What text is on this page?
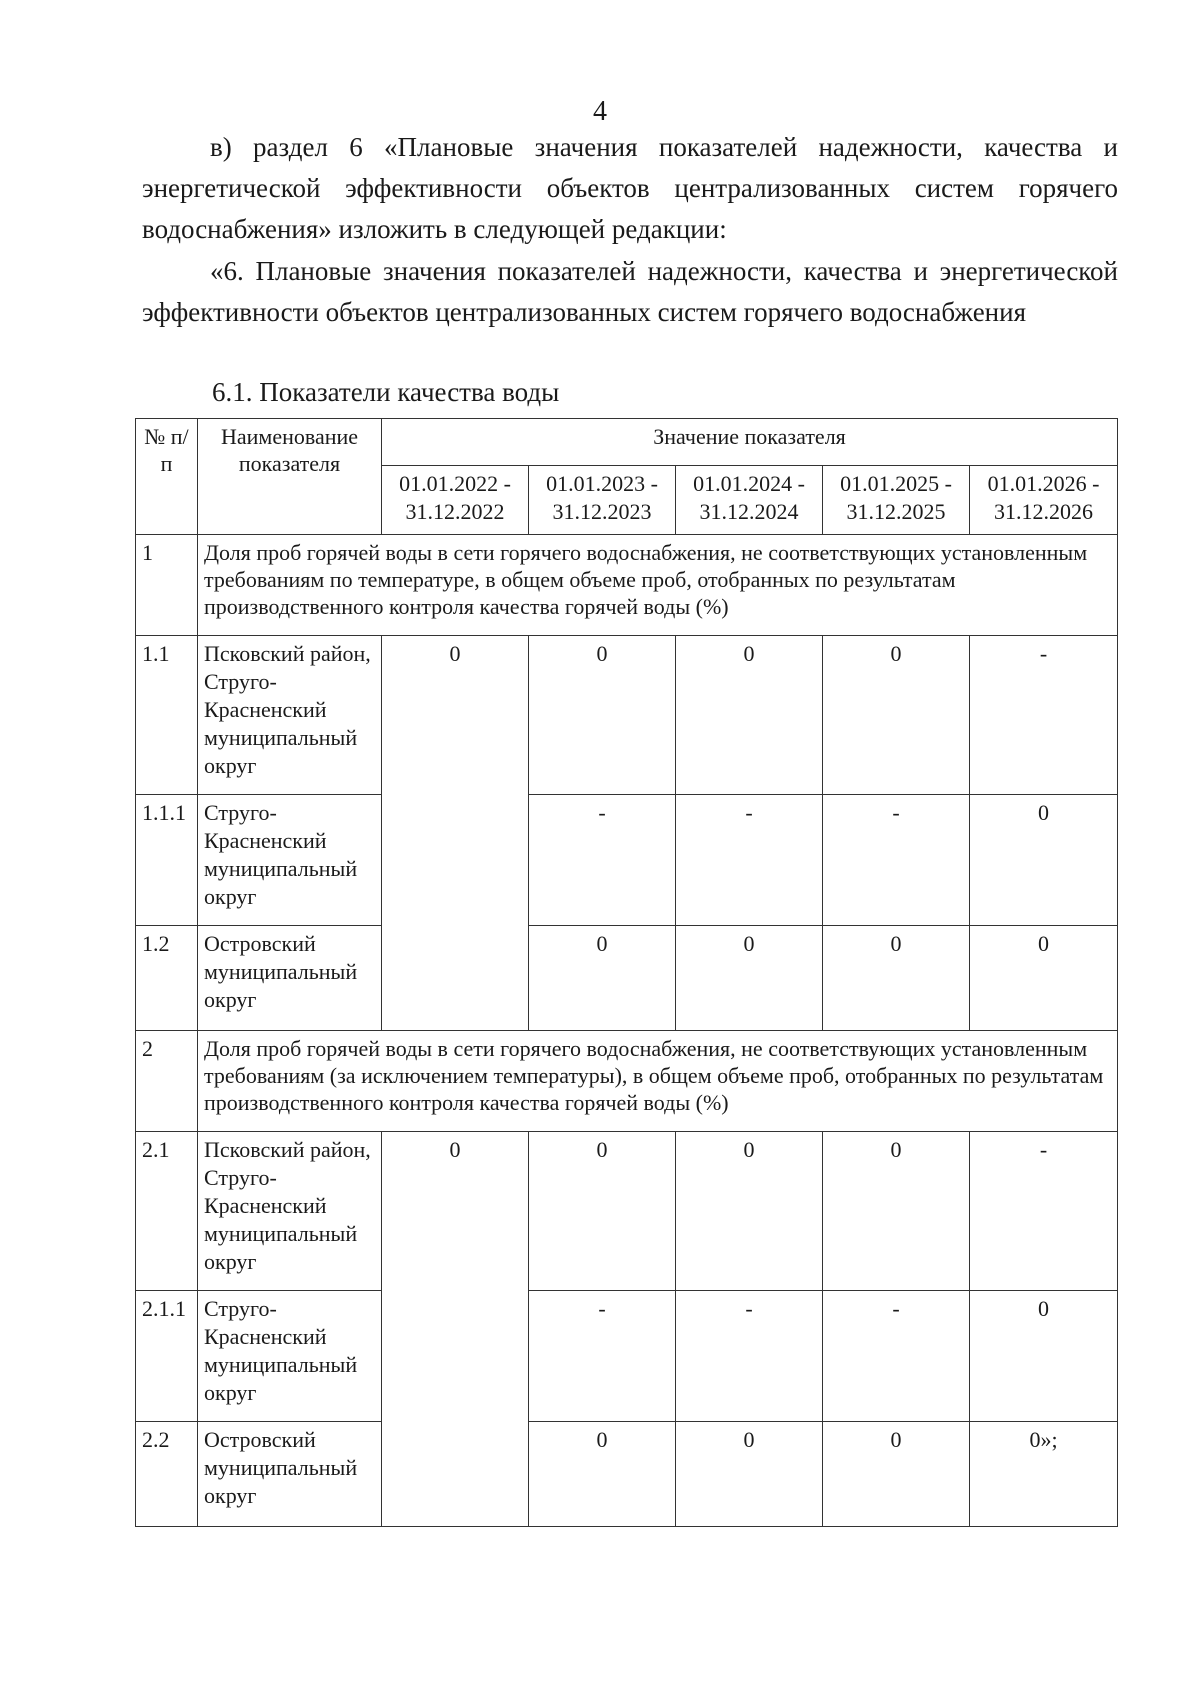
4

в) раздел 6 «Плановые значения показателей надежности, качества и энергетической эффективности объектов централизованных систем горячего водоснабжения» изложить в следующей редакции:

«6. Плановые значения показателей надежности, качества и энергетической эффективности объектов централизованных систем горячего водоснабжения

6.1. Показатели качества воды
№ п/п	Наименование показателя	Значение показателя				
		01.01.2022 - 31.12.2022	01.01.2023 - 31.12.2023	01.01.2024 - 31.12.2024	01.01.2025 - 31.12.2025	01.01.2026 - 31.12.2026
1	Доля проб горячей воды в сети горячего водоснабжения, не соответствующих установленным требованиям по температуре, в общем объеме проб, отобранных по результатам производственного контроля качества горячей воды (%)					
1.1	Псковский район, Струго-Красненский муниципальный округ	0	0	0	0	-
1.1.1	Струго-Красненский муниципальный округ		-	-	-	0
1.2	Островский муниципальный округ		0	0	0	0
2	Доля проб горячей воды в сети горячего водоснабжения, не соответствующих установленным требованиям (за исключением температуры), в общем объеме проб, отобранных по результатам производственного контроля качества горячей воды (%)					
2.1	Псковский район, Струго-Красненский муниципальный округ	0	0	0	0	-
2.1.1	Струго-Красненский муниципальный округ		-	-	-	0
2.2	Островский муниципальный округ		0	0	0	0»;
